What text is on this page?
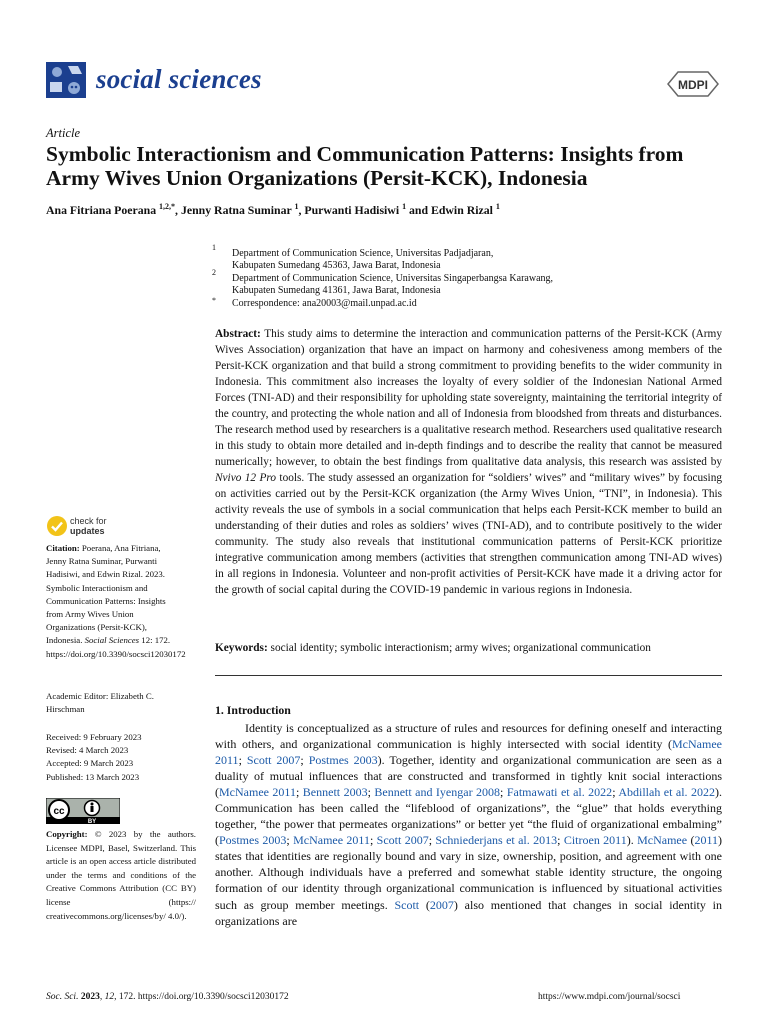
social sciences	MDPI
Article
Symbolic Interactionism and Communication Patterns: Insights from Army Wives Union Organizations (Persit-KCK), Indonesia
Ana Fitriana Poerana $^{1,2,*}$, Jenny Ratna Suminar $^1$, Purwanti Hadisiwi $^1$ and Edwin Rizal $^1$
1
Department of Communication Science, Universitas Padjadjaran,
Kabupaten Sumedang 45363, Jawa Barat, Indonesia
2
Department of Communication Science, Universitas Singaperbangsa Karawang,
Kabupaten Sumedang 41361, Jawa Barat, Indonesia
* Correspondence: ana20003@mail.unpad.ac.id

Abstract: This study aims to determine the interaction and communication patterns of the Persit-KCK (Army Wives Association) organization that have an impact on harmony and cohesiveness among members of the Persit-KCK organization and that build a strong commitment to providing benefits to the wider community in Indonesia. This commitment also increases the loyalty of every soldier of the Indonesian National Armed Forces (TNI-AD) and their responsibility for upholding state sovereignty, maintaining the territorial integrity of the country, and protecting the whole nation and all of Indonesia from bloodshed from threats and disturbances. The research method used by researchers is a qualitative research method. Researchers used qualitative research in this study to obtain more detailed and in-depth findings and to describe the reality that cannot be measured numerically; however, to obtain the best findings from qualitative data analysis, this research was assisted by Nvivo 12 Pro tools. The study assessed an organization for “soldiers’ wives” and “military wives” by focusing on activities carried out by the Persit-KCK organization (the Army Wives Union, “TNI”, in Indonesia). This activity reveals the use of symbols in a social communication that helps each Persit-KCK member to build an understanding of their duties and roles as soldiers’ wives (TNI-AD), and to contribute positively to the wider community. The study also reveals that institutional communication patterns of Persit-KCK prioritize integrative communication among members (activities that strengthen communication among TNI-AD wives) in all regions in Indonesia. Volunteer and non-profit activities of Persit-KCK have made it a driving actor for the growth of social capital during the COVID-19 pandemic in various regions in Indonesia.

Keywords: social identity; symbolic interactionism; army wives; organizational communication

check for
updates

Citation: Poerana, Ana Fitriana, Jenny Ratna Suminar, Purwanti Hadisiwi, and Edwin Rizal. 2023. Symbolic Interactionism and Communication Patterns: Insights from Army Wives Union Organizations (Persit-KCK), Indonesia. Social Sciences 12: 172. https://doi.org/10.3390/socsci12030172

Academic Editor: Elizabeth C. Hirschman

Received: 9 February 2023
Revised: 4 March 2023
Accepted: 9 March 2023
Published: 13 March 2023
cc
BY

Copyright: © 2023 by the authors. Licensee MDPI, Basel, Switzerland. This article is an open access article distributed under the terms and conditions of the Creative Commons Attribution (CC BY) license (https:// creativecommons.org/licenses/by/ 4.0/).

1. Introduction

Identity is conceptualized as a structure of rules and resources for defining oneself and interacting with others, and organizational communication is highly intersected with social identity (McNamee 2011; Scott 2007; Postmes 2003). Together, identity and organizational communication are seen as a duality of mutual influences that are constructed and transformed in tightly knit social interactions (McNamee 2011; Bennett 2003; Bennett and Iyengar 2008; Fatmawati et al. 2022; Abdillah et al. 2022). Communication has been called the “lifeblood of organizations”, the “glue” that holds everything together, “the power that permeates organizations” or better yet “the fluid of organizational embalming” (Postmes 2003; McNamee 2011; Scott 2007; Schniederjans et al. 2013; Citroen 2011). McNamee (2011) states that identities are regionally bound and vary in size, ownership, position, and agreement with one another. Although individuals have a preferred and somewhat stable identity structure, the ongoing formation of our identity through organizational communication is influenced by situational activities such as group member meetings. Scott (2007) also mentioned that changes in social identity in organizations are

Soc. Sci. 2023, 12, 172. https://doi.org/10.3390/socsci12030172	https://www.mdpi.com/journal/socsci
